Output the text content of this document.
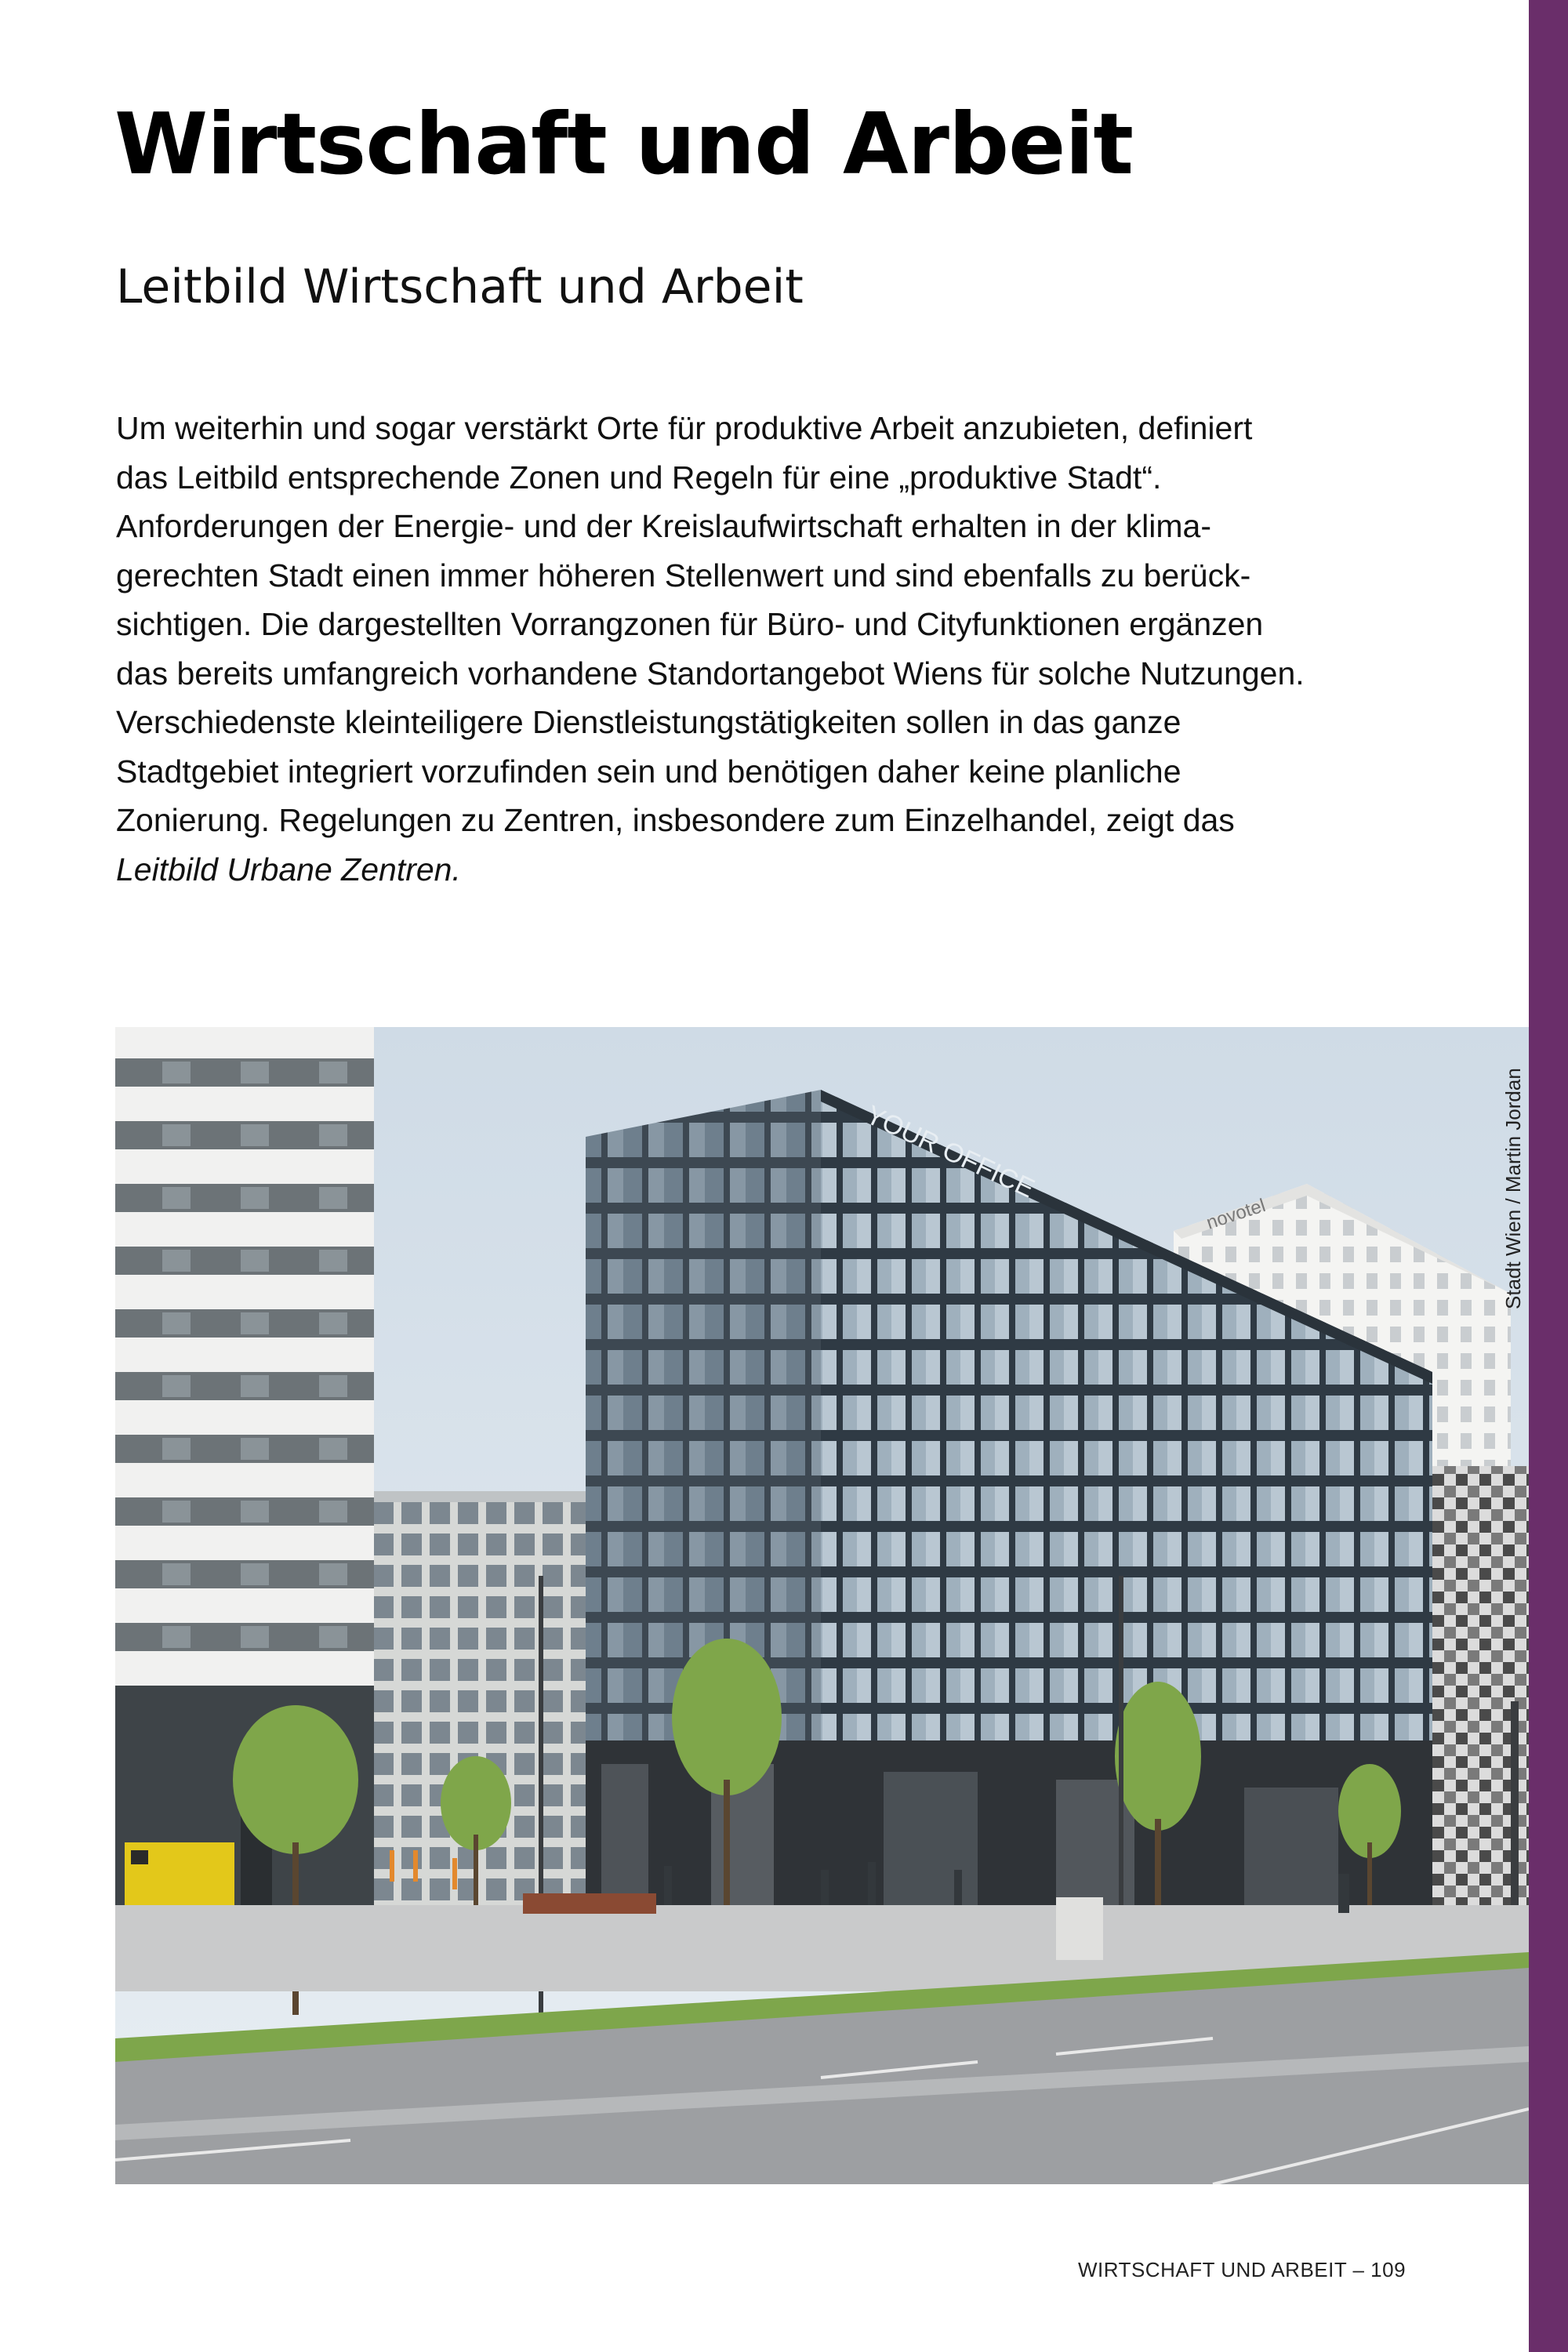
Wirtschaft und Arbeit
Leitbild Wirtschaft und Arbeit

Um weiterhin und sogar verstärkt Orte für produktive Arbeit anzubieten, definiert

das Leitbild entsprechende Zonen und Regeln für eine „produktive Stadt“.

Anforderungen der Energie- und der Kreislaufwirtschaft erhalten in der klima-

gerechten Stadt einen immer höheren Stellenwert und sind ebenfalls zu berück-

sichtigen. Die dargestellten Vorrangzonen für Büro- und Cityfunktionen ergänzen

das bereits umfangreich vorhandene Standortangebot Wiens für solche Nutzungen.

Verschiedenste kleinteiligere Dienstleistungstätigkeiten sollen in das ganze

Stadtgebiet integriert vorzufinden sein und benötigen daher keine planliche

Zonierung. Regelungen zu Zentren, insbesondere zum Einzelhandel, zeigt das

Leitbild Urbane Zentren.

novotel
YOUR OFFICE	Stadt Wien / Martin Jordan
WIRTSCHAFT UND ARBEIT – 109
